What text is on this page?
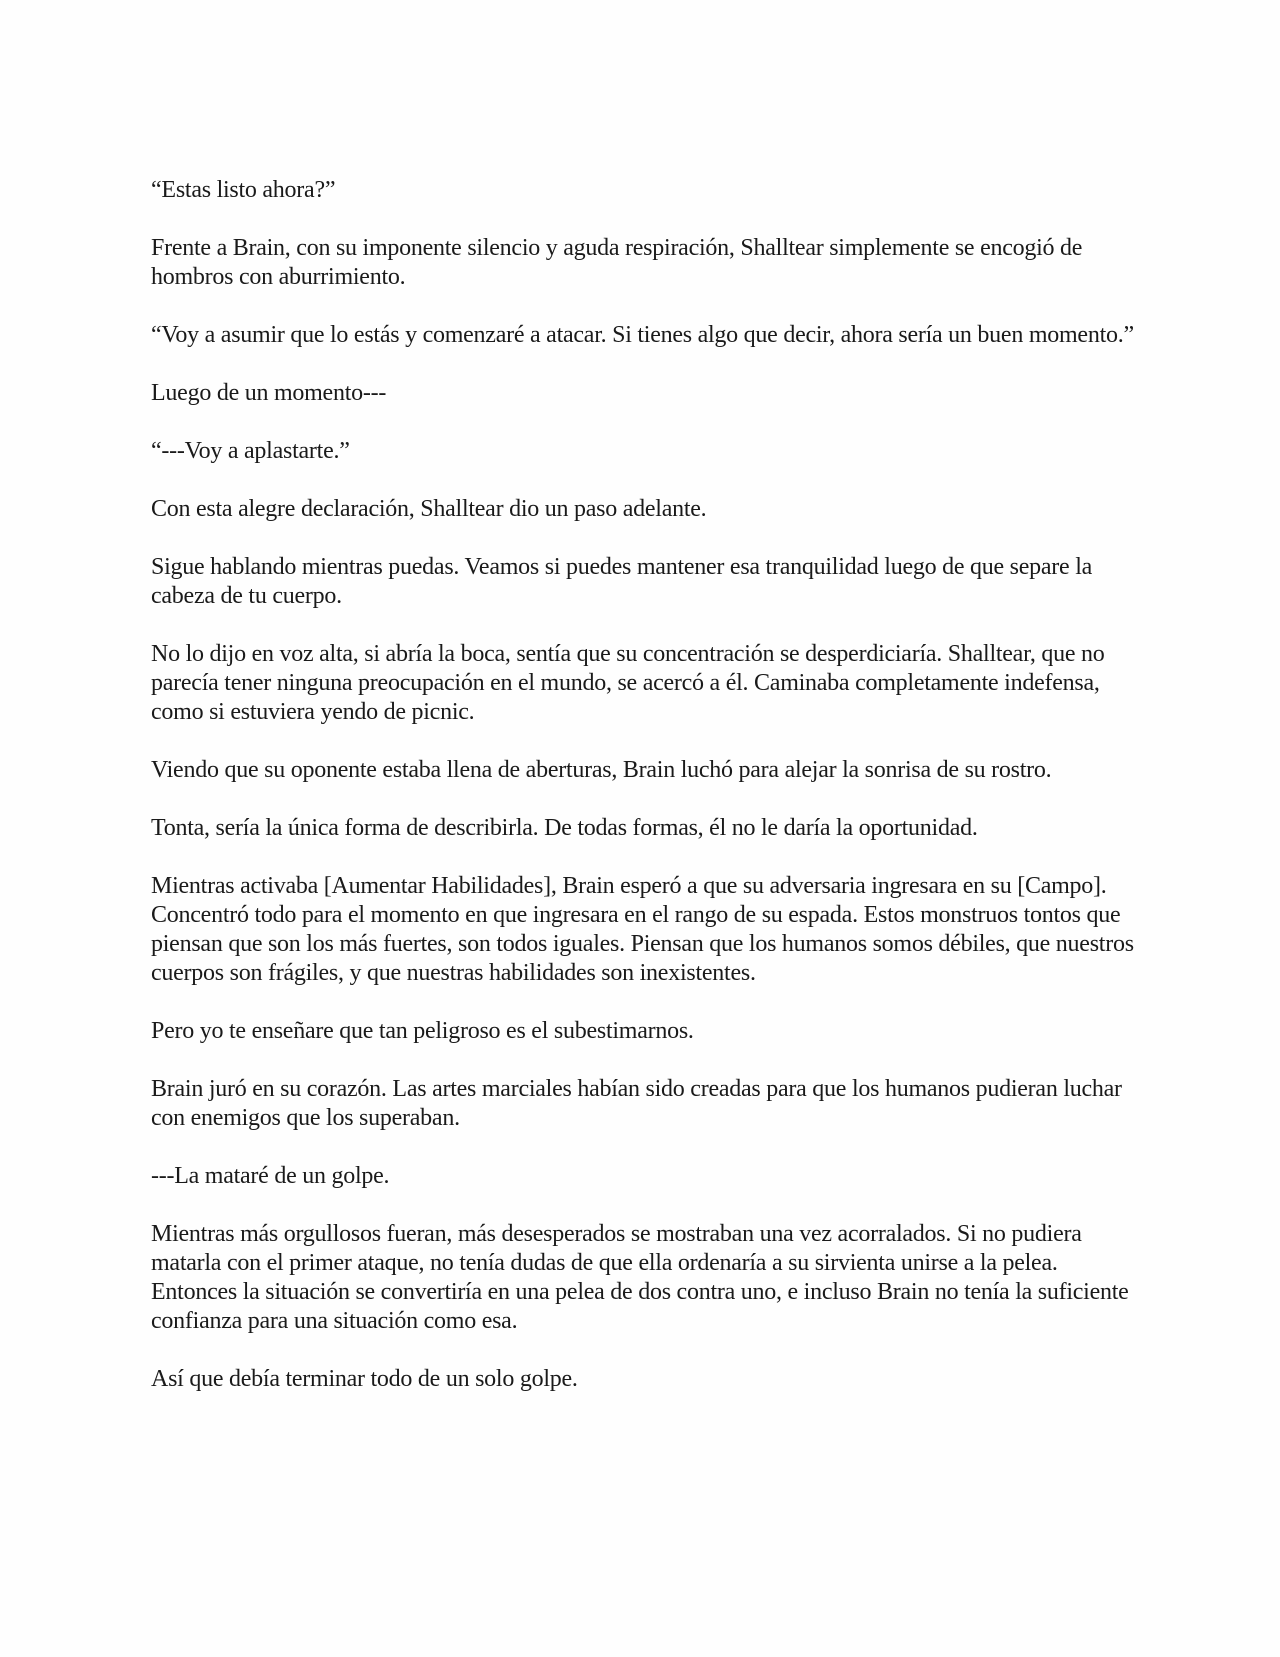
“Estas listo ahora?”

Frente a Brain, con su imponente silencio y aguda respiración, Shalltear simplemente se encogió de hombros con aburrimiento.

“Voy a asumir que lo estás y comenzaré a atacar. Si tienes algo que decir, ahora sería un buen momento.”

Luego de un momento---

“---Voy a aplastarte.”

Con esta alegre declaración, Shalltear dio un paso adelante.

Sigue hablando mientras puedas. Veamos si puedes mantener esa tranquilidad luego de que separe la cabeza de tu cuerpo.

No lo dijo en voz alta, si abría la boca, sentía que su concentración se desperdiciaría. Shalltear, que no parecía tener ninguna preocupación en el mundo, se acercó a él. Caminaba completamente indefensa, como si estuviera yendo de picnic.

Viendo que su oponente estaba llena de aberturas, Brain luchó para alejar la sonrisa de su rostro.

Tonta, sería la única forma de describirla. De todas formas, él no le daría la oportunidad.

Mientras activaba [Aumentar Habilidades], Brain esperó a que su adversaria ingresara en su [Campo]. Concentró todo para el momento en que ingresara en el rango de su espada. Estos monstruos tontos que piensan que son los más fuertes, son todos iguales. Piensan que los humanos somos débiles, que nuestros cuerpos son frágiles, y que nuestras habilidades son inexistentes.

Pero yo te enseñare que tan peligroso es el subestimarnos.

Brain juró en su corazón. Las artes marciales habían sido creadas para que los humanos pudieran luchar con enemigos que los superaban.

---La mataré de un golpe.

Mientras más orgullosos fueran, más desesperados se mostraban una vez acorralados. Si no pudiera matarla con el primer ataque, no tenía dudas de que ella ordenaría a su sirvienta unirse a la pelea. Entonces la situación se convertiría en una pelea de dos contra uno, e incluso Brain no tenía la suficiente confianza para una situación como esa.

Así que debía terminar todo de un solo golpe.
